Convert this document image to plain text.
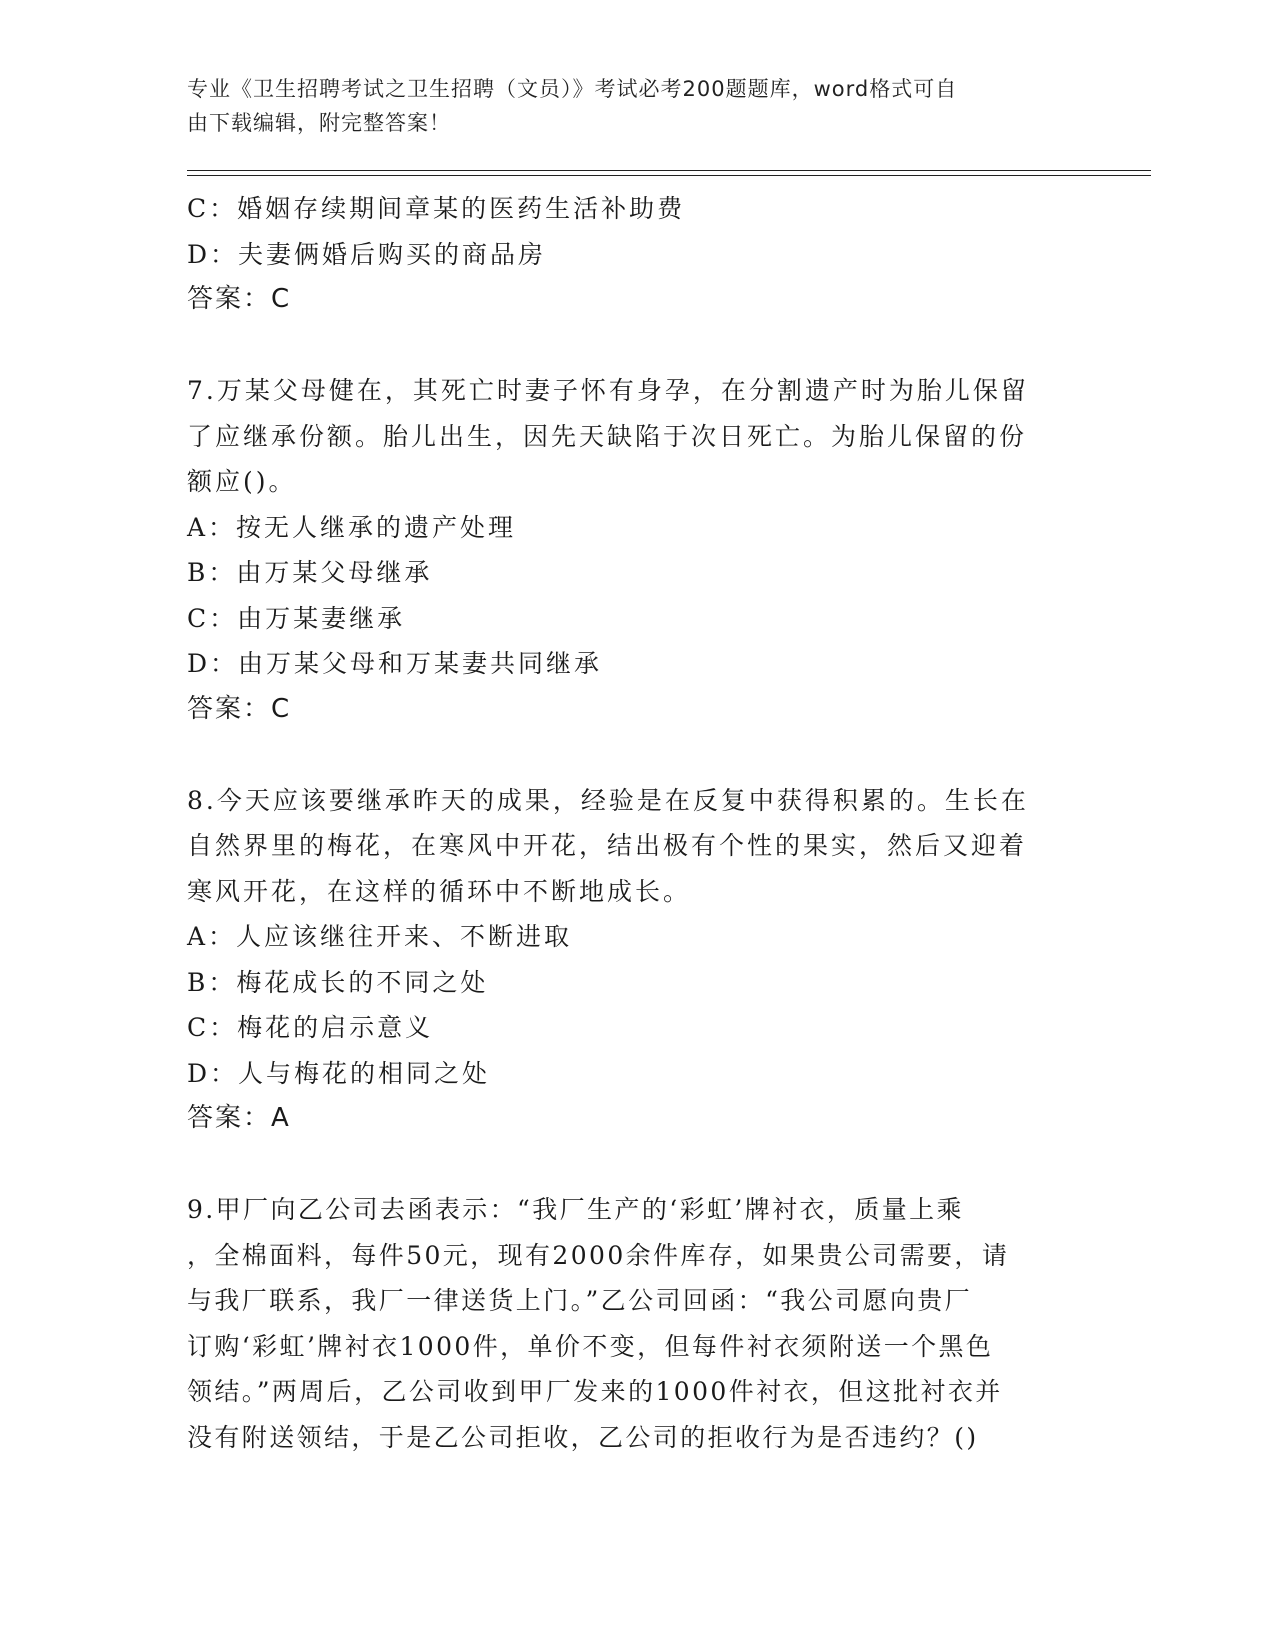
专业《卫生招聘考试之卫生招聘（文员）》考试必考200题题库，word格式可自
由下载编辑，附完整答案！
C：婚姻存续期间章某的医药生活补助费
D：夫妻俩婚后购买的商品房
答案：C
7.万某父母健在，其死亡时妻子怀有身孕，在分割遗产时为胎儿保留
了应继承份额。胎儿出生，因先天缺陷于次日死亡。为胎儿保留的份
额应()。
A：按无人继承的遗产处理
B：由万某父母继承
C：由万某妻继承
D：由万某父母和万某妻共同继承
答案：C
8.今天应该要继承昨天的成果，经验是在反复中获得积累的。生长在
自然界里的梅花，在寒风中开花，结出极有个性的果实，然后又迎着
寒风开花，在这样的循环中不断地成长。
A：人应该继往开来、不断进取
B：梅花成长的不同之处
C：梅花的启示意义
D：人与梅花的相同之处
答案：A
9.甲厂向乙公司去函表示：“我厂生产的‘彩虹’牌衬衣，质量上乘
，全棉面料，每件50元，现有2000余件库存，如果贵公司需要，请
与我厂联系，我厂一律送货上门。”乙公司回函：“我公司愿向贵厂
订购‘彩虹’牌衬衣1000件，单价不变，但每件衬衣须附送一个黑色
领结。”两周后，乙公司收到甲厂发来的1000件衬衣，但这批衬衣并
没有附送领结，于是乙公司拒收，乙公司的拒收行为是否违约？()
